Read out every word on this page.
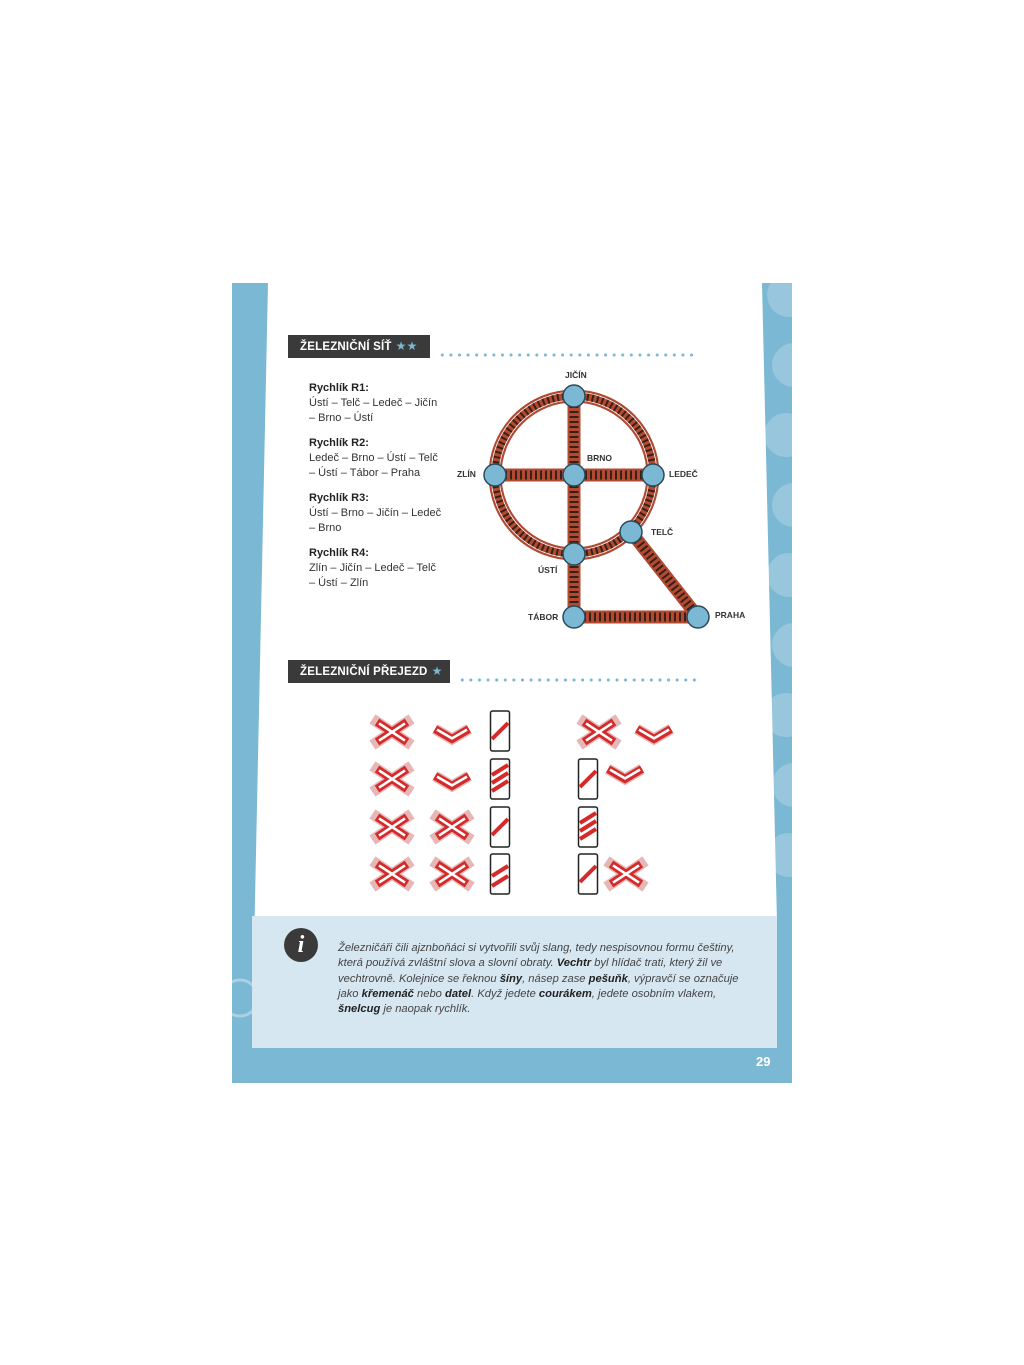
ŽELEZNIČNÍ SÍŤ ★★
Rychlík R1:
Ústí – Telč – Ledeč – Jičín
– Brno – Ústí
Rychlík R2:
Ledeč – Brno – Ústí – Telč
– Ústí – Tábor – Praha
Rychlík R3:
Ústí – Brno – Jičín – Ledeč
– Brno
Rychlík R4:
Zlín – Jičín – Ledeč – Telč
– Ústí – Zlín
JIČÍN
ZLÍN
BRNO
LEDEČ
TELČ
ÚSTÍ
TÁBOR	PRAHA
ŽELEZNIČNÍ PŘEJEZD ★
i	Železničáři čili ajznboňáci si vytvořili svůj slang, tedy nespisovnou formu češtiny, která používá zvláštní slova a slovní obraty. Vechtr byl hlídač trati, který žil ve vechtrovně. Kolejnice se řeknou šíny, násep zase pešuňk, výpravčí se označuje jako křemenáč nebo datel. Když jedete courákem, jedete osobním vlakem, šnelcug je naopak rychlík.
29
